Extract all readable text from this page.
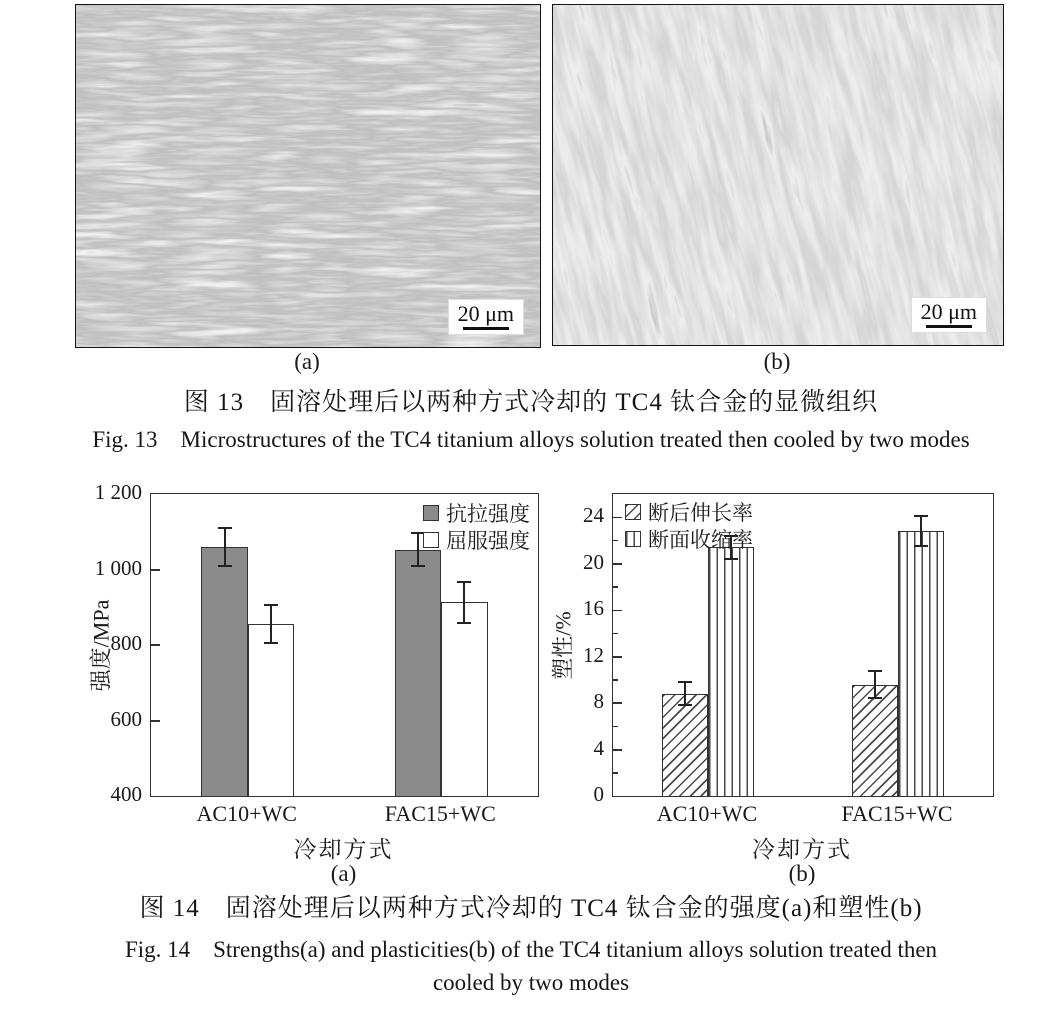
20 μm	20 μm
(a)	(b)
图 13　固溶处理后以两种方式冷却的 TC4 钛合金的显微组织
Fig. 13　Microstructures of the TC4 titanium alloys solution treated then cooled by two modes
抗拉强度
屈服强度
400
600
800
1 000
1 200
强度/MPa
AC10+WC	FAC15+WC
冷却方式
(a)
断后伸长率
断面收缩率
0
4
8
12
16
20
24
塑性/%
AC10+WC	FAC15+WC
冷却方式
(b)
图 14　固溶处理后以两种方式冷却的 TC4 钛合金的强度(a)和塑性(b)
Fig. 14　Strengths(a) and plasticities(b) of the TC4 titanium alloys solution treated then
cooled by two modes
